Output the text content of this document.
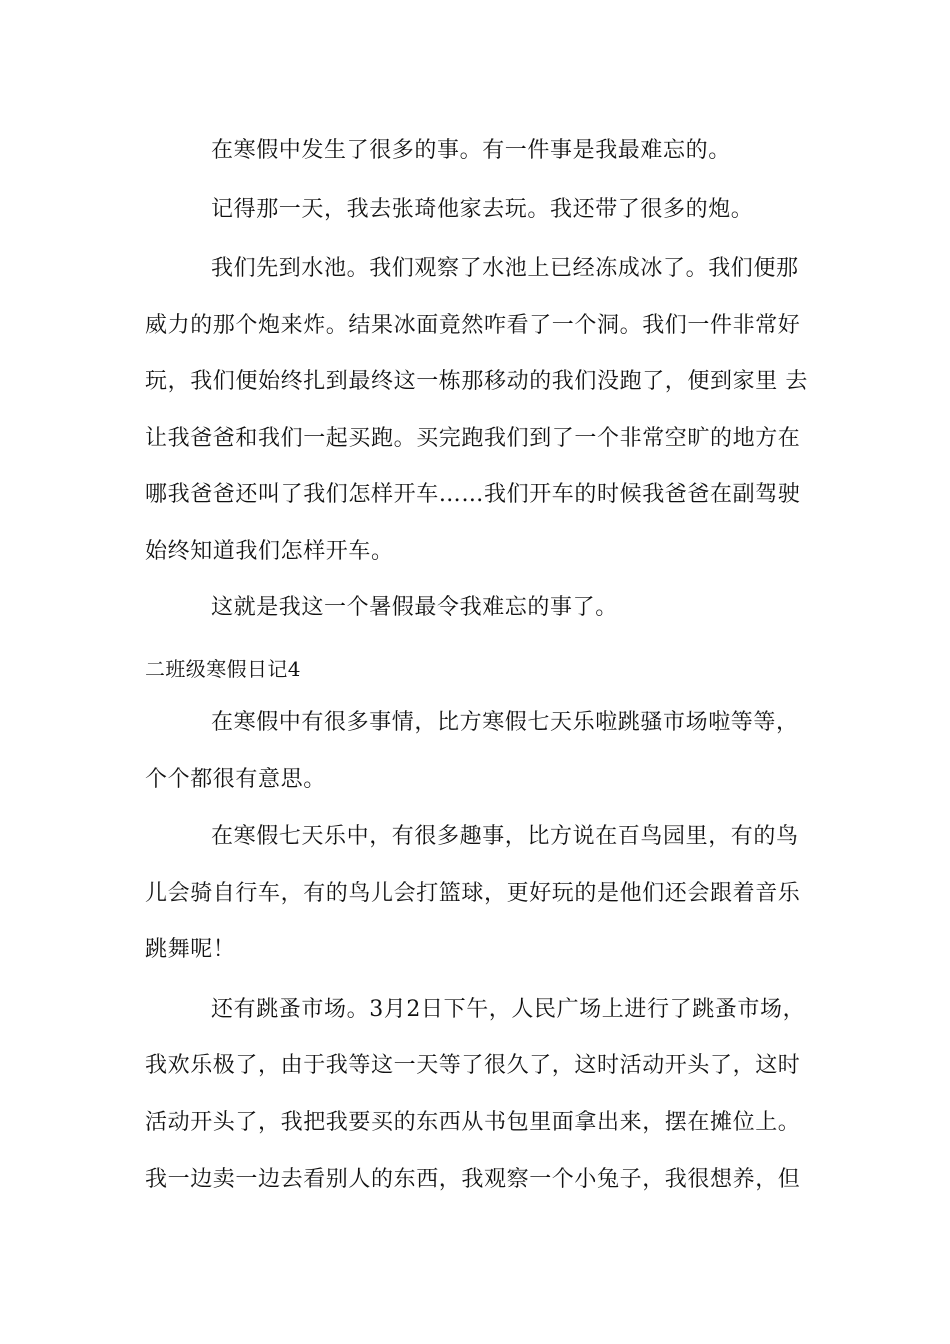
在寒假中发生了很多的事。有一件事是我最难忘的。

记得那一天，我去张琦他家去玩。我还带了很多的炮。

我们先到水池。我们观察了水池上已经冻成冰了。我们便那

威力的那个炮来炸。结果冰面竟然咋看了一个洞。我们一件非常好

玩，我们便始终扎到最终这一栋那移动的我们没跑了，便到家里 去

让我爸爸和我们一起买跑。买完跑我们到了一个非常空旷的地方在

哪我爸爸还叫了我们怎样开车……我们开车的时候我爸爸在副驾驶

始终知道我们怎样开车。

这就是我这一个暑假最令我难忘的事了。

二班级寒假日记4

在寒假中有很多事情，比方寒假七天乐啦跳骚市场啦等等，

个个都很有意思。

在寒假七天乐中，有很多趣事，比方说在百鸟园里，有的鸟

儿会骑自行车，有的鸟儿会打篮球，更好玩的是他们还会跟着音乐

跳舞呢！

还有跳蚤市场。3月2日下午，人民广场上进行了跳蚤市场，

我欢乐极了，由于我等这一天等了很久了，这时活动开头了，这时

活动开头了，我把我要买的东西从书包里面拿出来，摆在摊位上。

我一边卖一边去看别人的东西，我观察一个小兔子，我很想养，但
